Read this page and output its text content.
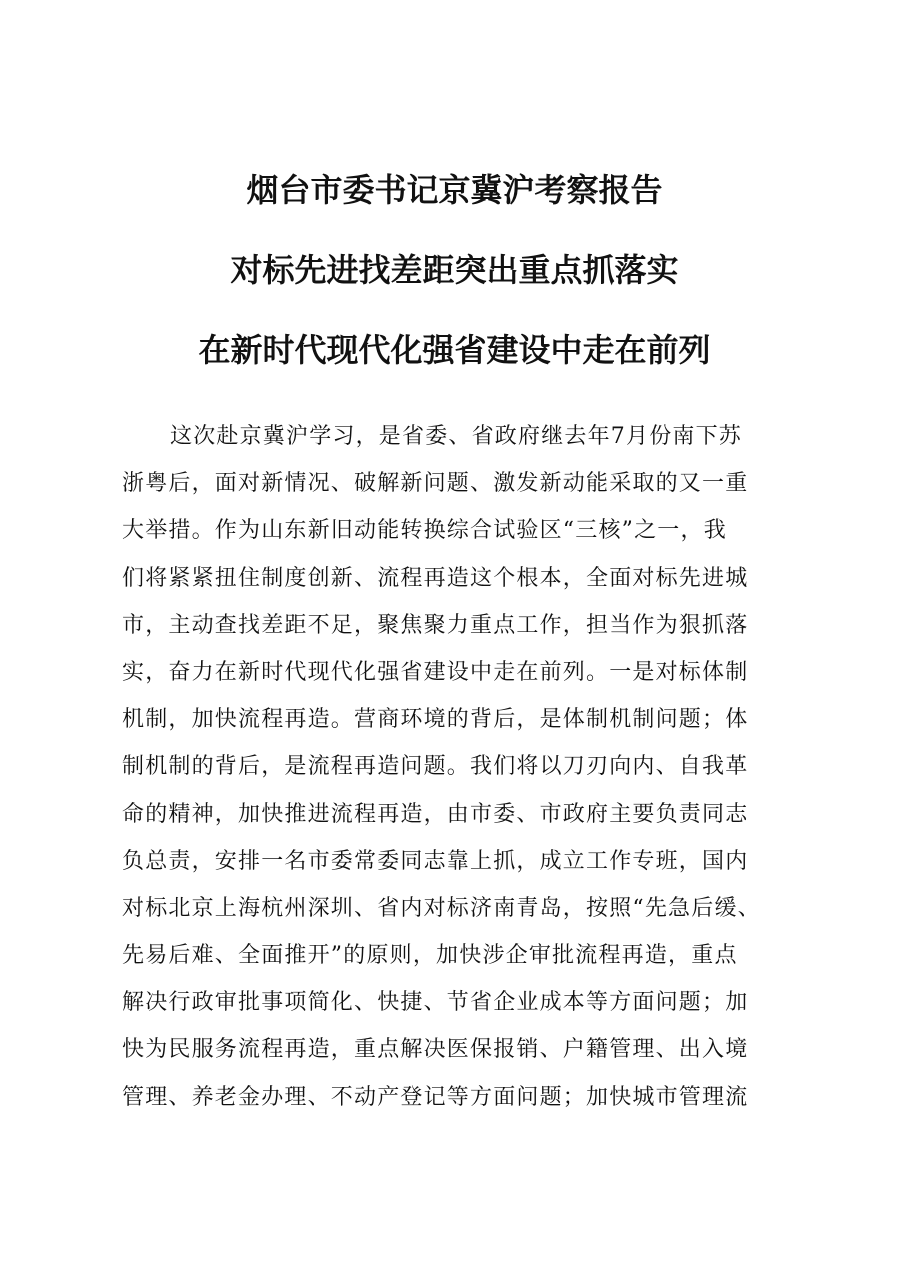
烟台市委书记京冀沪考察报告
对标先进找差距突出重点抓落实
在新时代现代化强省建设中走在前列
这次赴京冀沪学习，是省委、省政府继去年7月份南下苏
浙粤后，面对新情况、破解新问题、激发新动能采取的又一重
大举措。作为山东新旧动能转换综合试验区“三核”之一，我
们将紧紧扭住制度创新、流程再造这个根本，全面对标先进城
市，主动查找差距不足，聚焦聚力重点工作，担当作为狠抓落
实，奋力在新时代现代化强省建设中走在前列。一是对标体制
机制，加快流程再造。营商环境的背后，是体制机制问题；体
制机制的背后，是流程再造问题。我们将以刀刃向内、自我革
命的精神，加快推进流程再造，由市委、市政府主要负责同志
负总责，安排一名市委常委同志靠上抓，成立工作专班，国内
对标北京上海杭州深圳、省内对标济南青岛，按照“先急后缓、
先易后难、全面推开”的原则，加快涉企审批流程再造，重点
解决行政审批事项简化、快捷、节省企业成本等方面问题；加
快为民服务流程再造，重点解决医保报销、户籍管理、出入境
管理、养老金办理、不动产登记等方面问题；加快城市管理流
